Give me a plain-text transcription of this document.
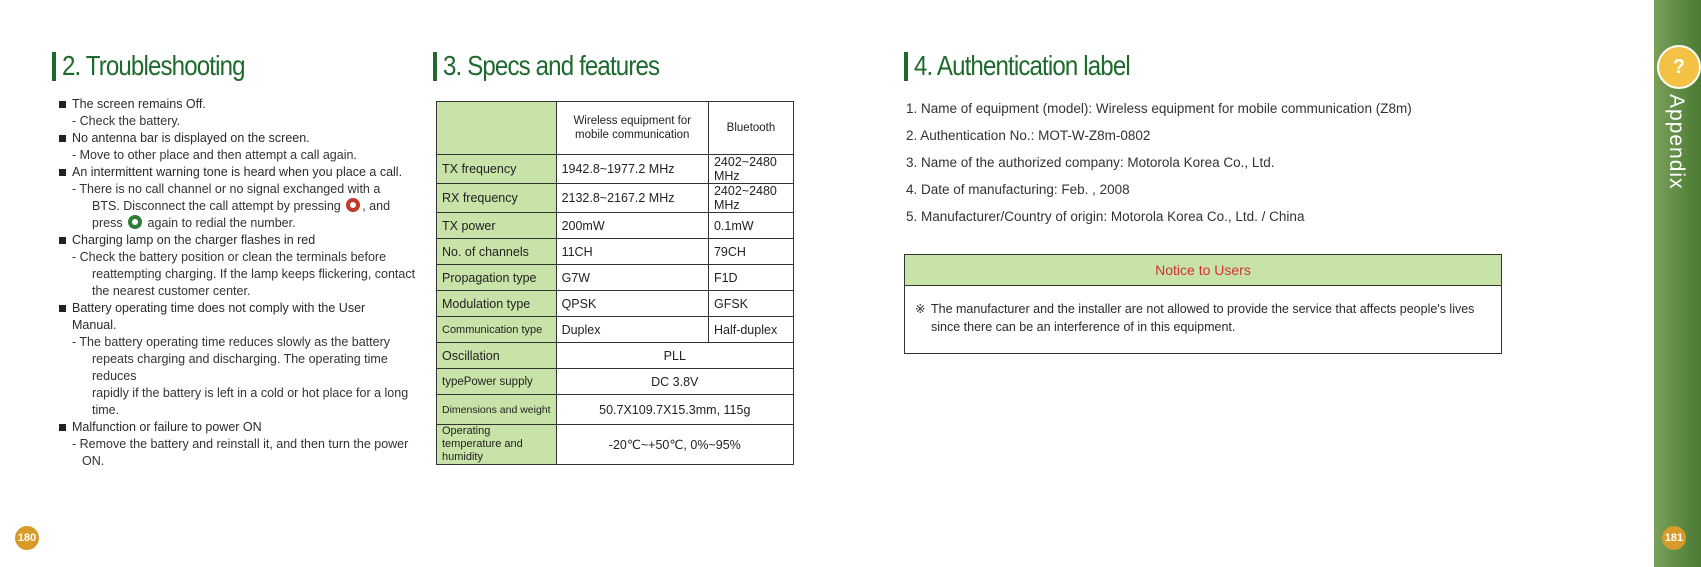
2. Troubleshooting
The screen remains Off.
- Check the battery.
No antenna bar is displayed on the screen.
- Move to other place and then attempt a call again.
An intermittent warning tone is heard when you place a call.
- There is no call channel or no signal exchanged with a
BTS. Disconnect the call attempt by pressing , and
press again to redial the number.
Charging lamp on the charger flashes in red
- Check the battery position or clean the terminals before
reattempting charging. If the lamp keeps flickering, contact
the nearest customer center.
Battery operating time does not comply with the User
Manual.
- The battery operating time reduces slowly as the battery
repeats charging and discharging. The operating time reduces
rapidly if the battery is left in a cold or hot place for a long time.
Malfunction or failure to power ON
- Remove the battery and reinstall it, and then turn the power ON.
3. Specs and features
	Wireless equipment for mobile communication	Bluetooth
TX frequency	1942.8~1977.2 MHz	2402~2480 MHz
RX frequency	2132.8~2167.2 MHz	2402~2480 MHz
TX power	200mW	0.1mW
No. of channels	11CH	79CH
Propagation type	G7W	F1D
Modulation type	QPSK	GFSK
Communication type	Duplex	Half-duplex
Oscillation	PLL	
typePower supply	DC 3.8V	
Dimensions and weight	50.7X109.7X15.3mm, 115g	
Operating temperature and humidity	-20℃~+50℃, 0%~95%	
4. Authentication label
1. Name of equipment (model): Wireless equipment for mobile communication (Z8m)
2. Authentication No.: MOT-W-Z8m-0802
3. Name of the authorized company: Motorola Korea Co., Ltd.
4. Date of manufacturing: Feb. , 2008
5. Manufacturer/Country of origin: Motorola Korea Co., Ltd. / China
Notice to Users
※ The manufacturer and the installer are not allowed to provide the service that affects people's lives
since there can be an interference of in this equipment.
180	181
?
Appendix
